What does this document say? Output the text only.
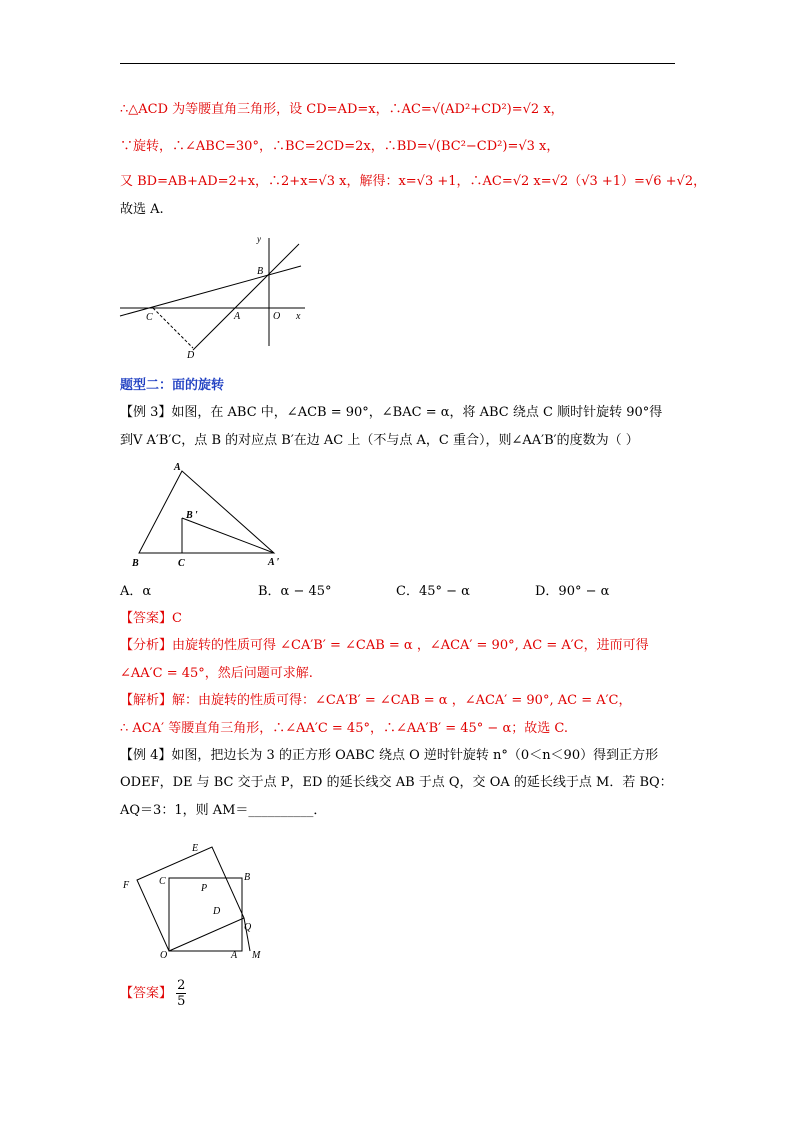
∴△ACD 为等腰直角三角形，设 CD=AD=x，∴AC=√(AD²+CD²)=√2 x，
∵旋转，∴∠ABC=30°，∴BC=2CD=2x，∴BD=√(BC²−CD²)=√3 x，
又 BD=AB+AD=2+x，∴2+x=√3 x，解得：x=√3 +1，∴AC=√2 x=√2（√3 +1）=√6 +√2，
故选 A.
y
B
C	A	O x
D
题型二：面的旋转
【例 3】如图，在 ABC 中，∠ACB = 90°，∠BAC = α，将 ABC 绕点 C 顺时针旋转 90°得
到V A′B′C，点 B 的对应点 B′在边 AC 上（不与点 A，C 重合），则∠AA′B′的度数为（ ）
A
B ′
B	C	A ′
A．α	B．α − 45°	C．45° − α	D．90° − α
【答案】C
【分析】由旋转的性质可得 ∠CA′B′ = ∠CAB = α ，∠ACA′ = 90°, AC = A′C，进而可得
∠AA′C = 45°，然后问题可求解.
【解析】解：由旋转的性质可得：∠CA′B′ = ∠CAB = α ，∠ACA′ = 90°, AC = A′C，
∴ ACA′ 等腰直角三角形，∴∠AA′C = 45°，∴∠AA′B′ = 45° − α；故选 C.
【例 4】如图，把边长为 3 的正方形 OABC 绕点 O 逆时针旋转 n°（0＜n＜90）得到正方形
ODEF，DE 与 BC 交于点 P，ED 的延长线交 AB 于点 Q，交 OA 的延长线于点 M．若 BQ：
AQ＝3：1，则 AM＝__________．
E
F	C	B
P
D
Q
O	A M
【答案】 $\frac{2}{5}$
